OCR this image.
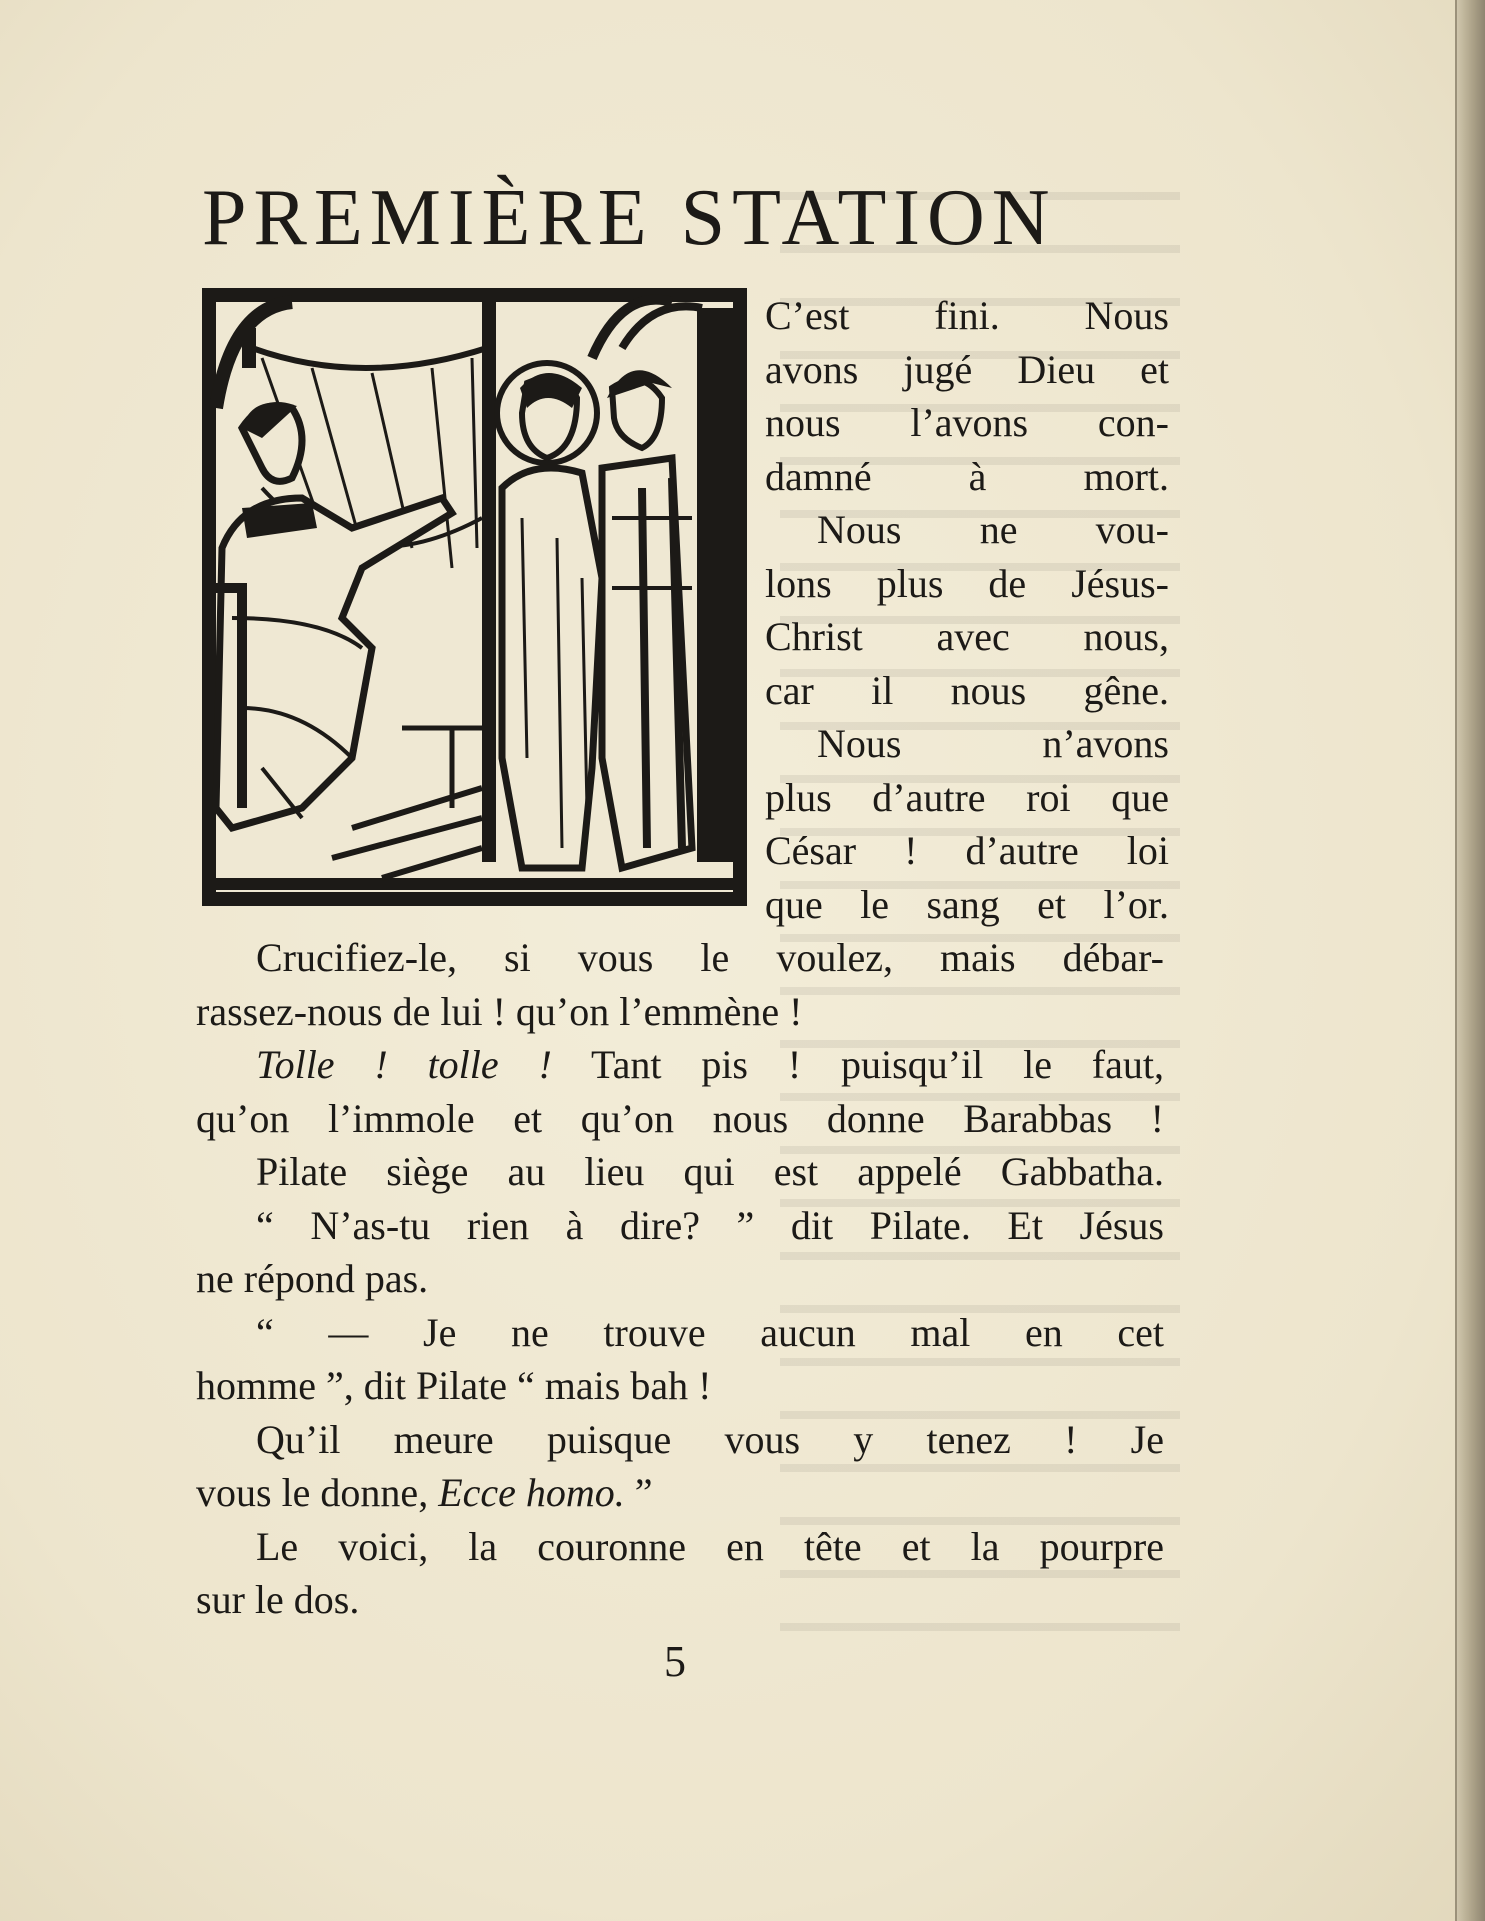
PREMIÈRE STATION
C’est fini. Nous
avons jugé Dieu et
nous l’avons con-
damné à mort.
Nous ne vou-
lons plus de Jésus-
Christ avec nous,
car il nous gêne.
Nous n’avons
plus d’autre roi que
César ! d’autre loi
que le sang et l’or.
Crucifiez-le, si vous le voulez, mais débar-
rassez-nous de lui ! qu’on l’emmène !
Tolle ! tolle ! Tant pis ! puisqu’il le faut,
qu’on l’immole et qu’on nous donne Barabbas !
Pilate siège au lieu qui est appelé Gabbatha.
“ N’as-tu rien à dire? ” dit Pilate. Et Jésus
ne répond pas.
“ — Je ne trouve aucun mal en cet
homme ”, dit Pilate “ mais bah !
Qu’il meure puisque vous y tenez ! Je
vous le donne, Ecce homo. ”
Le voici, la couronne en tête et la pourpre
sur le dos.
5
